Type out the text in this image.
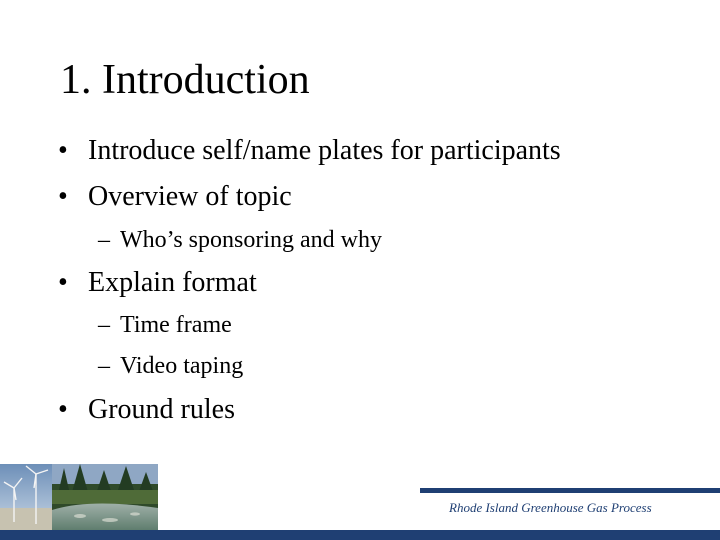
1. Introduction
• Introduce self/name plates for participants
• Overview of topic
– Who’s sponsoring and why
• Explain format
– Time frame
– Video taping
• Ground rules
Rhode Island Greenhouse Gas Process
